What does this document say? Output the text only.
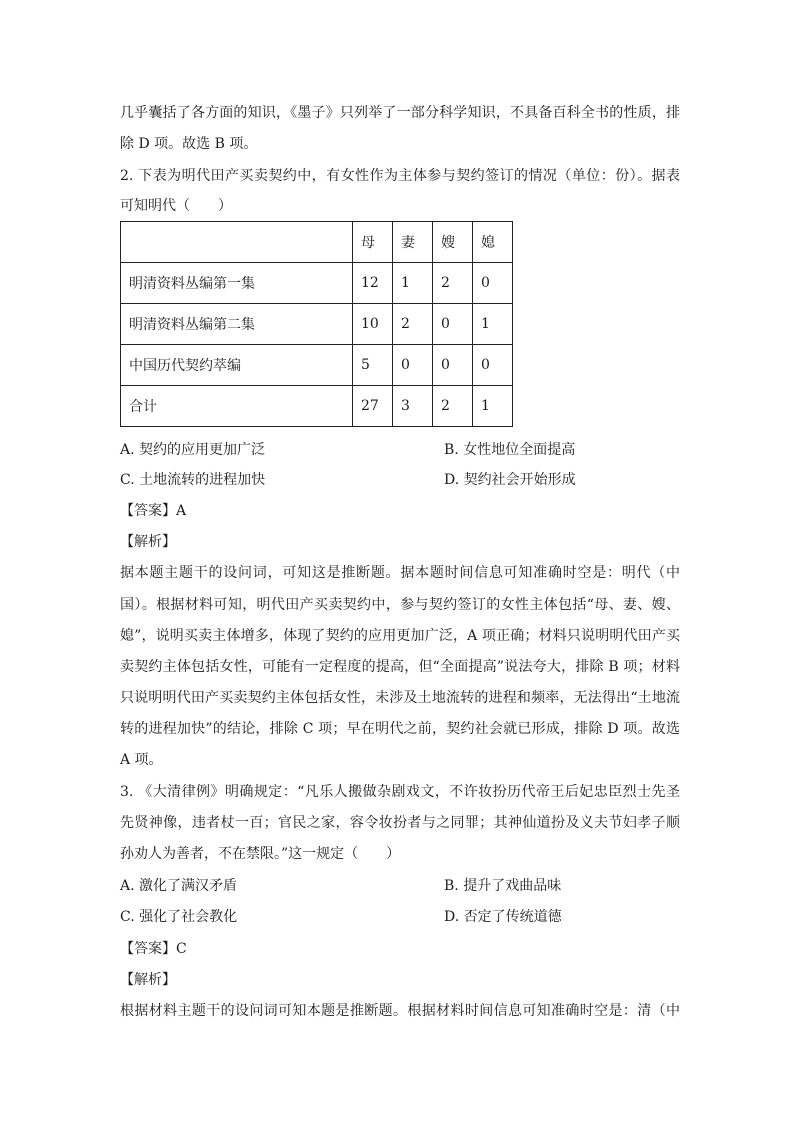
几乎囊括了各方面的知识，《墨子》只列举了一部分科学知识，不具备百科全书的性质，排
除 D 项。故选 B 项。
2. 下表为明代田产买卖契约中，有女性作为主体参与契约签订的情况（单位：份）。据表
可知明代（　　）
	母	妻	嫂	媳
明清资料丛编第一集	12	1	2	0
明清资料丛编第二集	10	2	0	1
中国历代契约萃编	5	0	0	0
合计	27	3	2	1
A. 契约的应用更加广泛	B. 女性地位全面提高
C. 土地流转的进程加快	D. 契约社会开始形成
【答案】A
【解析】
据本题主题干的设问词，可知这是推断题。据本题时间信息可知准确时空是：明代（中
国）。根据材料可知，明代田产买卖契约中，参与契约签订的女性主体包括“母、妻、嫂、
媳”，说明买卖主体增多，体现了契约的应用更加广泛，A 项正确；材料只说明明代田产买
卖契约主体包括女性，可能有一定程度的提高，但“全面提高”说法夸大，排除 B 项；材料
只说明明代田产买卖契约主体包括女性，未涉及土地流转的进程和频率，无法得出“土地流
转的进程加快”的结论，排除 C 项；早在明代之前，契约社会就已形成，排除 D 项。故选
A 项。
3. 《大清律例》明确规定：“凡乐人搬做杂剧戏文，不许妆扮历代帝王后妃忠臣烈士先圣
先贤神像，违者杖一百；官民之家，容令妆扮者与之同罪；其神仙道扮及义夫节妇孝子顺
孙劝人为善者，不在禁限。”这一规定（　　）
A. 激化了满汉矛盾	B. 提升了戏曲品味
C. 强化了社会教化	D. 否定了传统道德
【答案】C
【解析】
根据材料主题干的设问词可知本题是推断题。根据材料时间信息可知准确时空是：清（中
